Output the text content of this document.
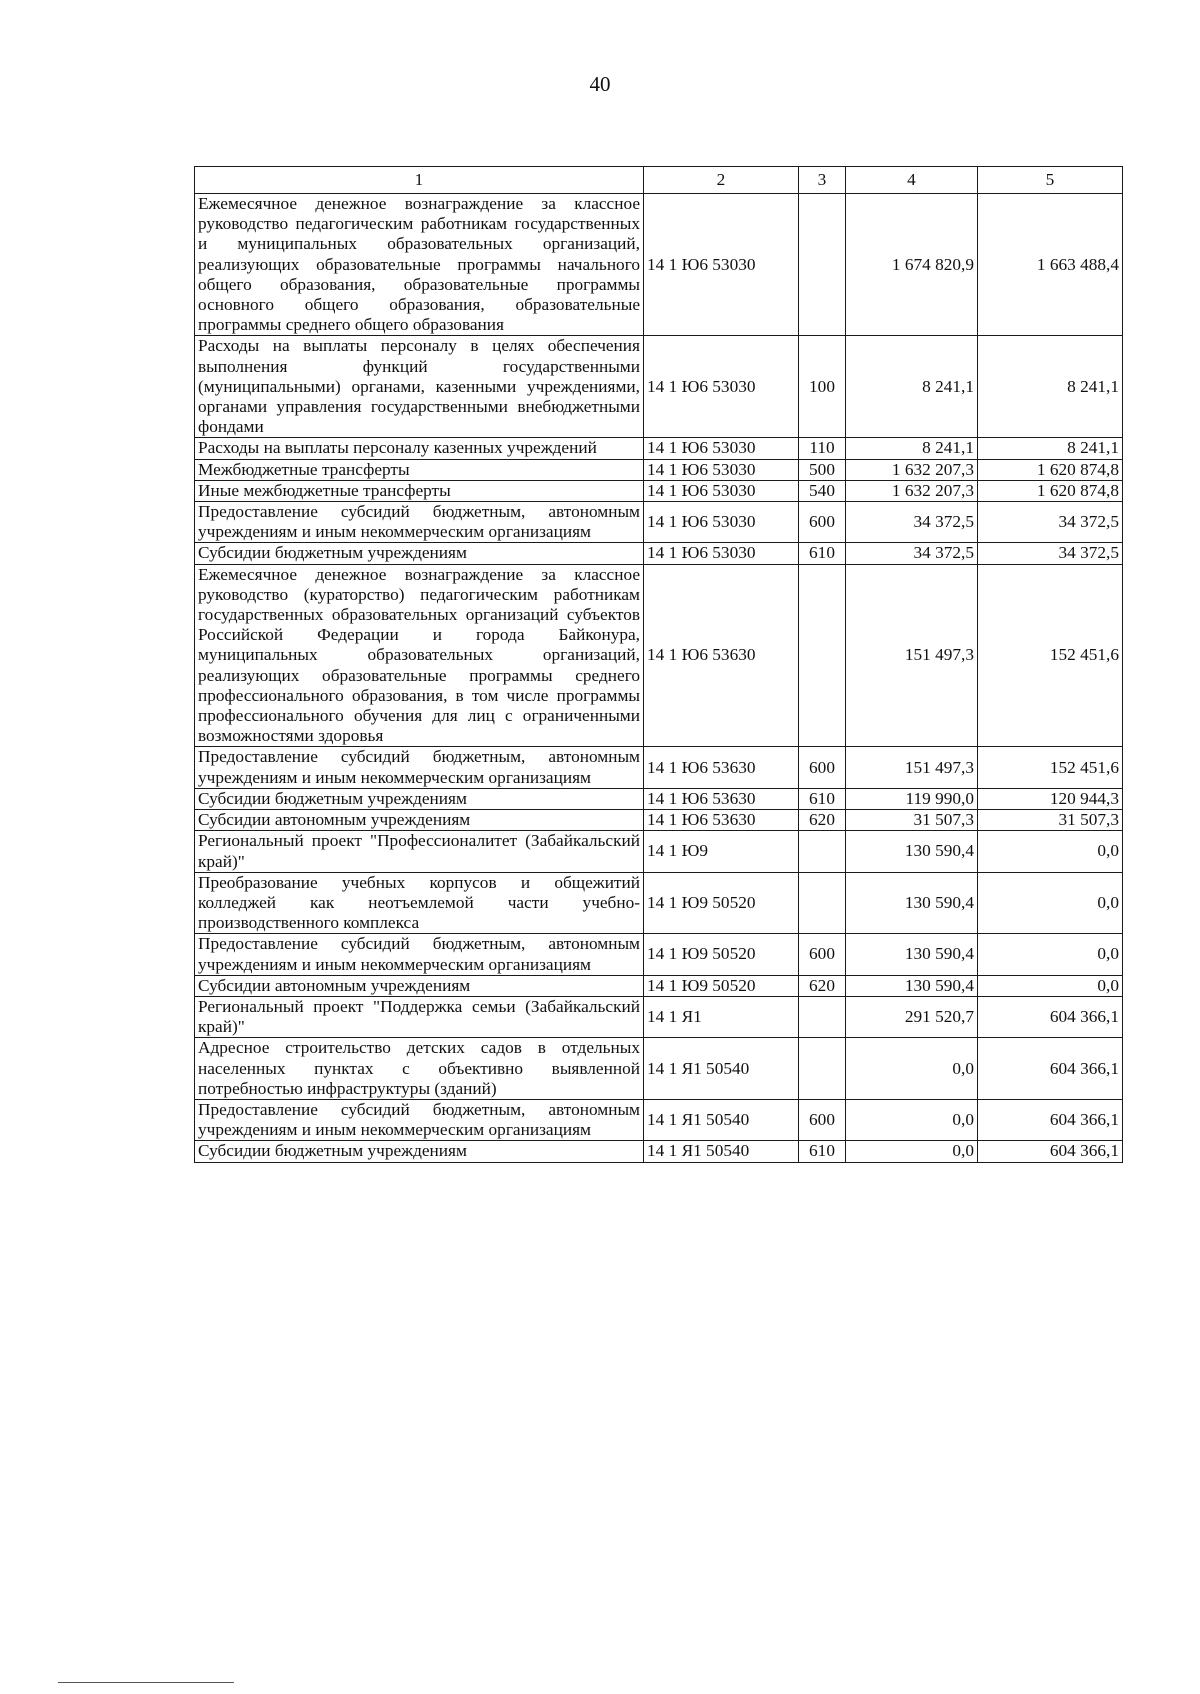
40
1	2	3	4	5
Ежемесячное денежное вознаграждение за классное руководство педагогическим работникам государственных и муниципальных образовательных организаций, реализующих образовательные программы начального общего образования, образовательные программы основного общего образования, образовательные программы среднего общего образования	14 1 Ю6 53030		1 674 820,9	1 663 488,4
Расходы на выплаты персоналу в целях обеспечения выполнения функций государственными (муниципальными) органами, казенными учреждениями, органами управления государственными внебюджетными фондами	14 1 Ю6 53030	100	8 241,1	8 241,1
Расходы на выплаты персоналу казенных учреждений	14 1 Ю6 53030	110	8 241,1	8 241,1
Межбюджетные трансферты	14 1 Ю6 53030	500	1 632 207,3	1 620 874,8
Иные межбюджетные трансферты	14 1 Ю6 53030	540	1 632 207,3	1 620 874,8
Предоставление субсидий бюджетным, автономным учреждениям и иным некоммерческим организациям	14 1 Ю6 53030	600	34 372,5	34 372,5
Субсидии бюджетным учреждениям	14 1 Ю6 53030	610	34 372,5	34 372,5
Ежемесячное денежное вознаграждение за классное руководство (кураторство) педагогическим работникам государственных образовательных организаций субъектов Российской Федерации и города Байконура, муниципальных образовательных организаций, реализующих образовательные программы среднего профессионального образования, в том числе программы профессионального обучения для лиц с ограниченными возможностями здоровья	14 1 Ю6 53630		151 497,3	152 451,6
Предоставление субсидий бюджетным, автономным учреждениям и иным некоммерческим организациям	14 1 Ю6 53630	600	151 497,3	152 451,6
Субсидии бюджетным учреждениям	14 1 Ю6 53630	610	119 990,0	120 944,3
Субсидии автономным учреждениям	14 1 Ю6 53630	620	31 507,3	31 507,3
Региональный проект "Профессионалитет (Забайкальский край)"	14 1 Ю9		130 590,4	0,0
Преобразование учебных корпусов и общежитий колледжей как неотъемлемой части учебно-производственного комплекса	14 1 Ю9 50520		130 590,4	0,0
Предоставление субсидий бюджетным, автономным учреждениям и иным некоммерческим организациям	14 1 Ю9 50520	600	130 590,4	0,0
Субсидии автономным учреждениям	14 1 Ю9 50520	620	130 590,4	0,0
Региональный проект "Поддержка семьи (Забайкальский край)"	14 1 Я1		291 520,7	604 366,1
Адресное строительство детских садов в отдельных населенных пунктах с объективно выявленной потребностью инфраструктуры (зданий)	14 1 Я1 50540		0,0	604 366,1
Предоставление субсидий бюджетным, автономным учреждениям и иным некоммерческим организациям	14 1 Я1 50540	600	0,0	604 366,1
Субсидии бюджетным учреждениям	14 1 Я1 50540	610	0,0	604 366,1
